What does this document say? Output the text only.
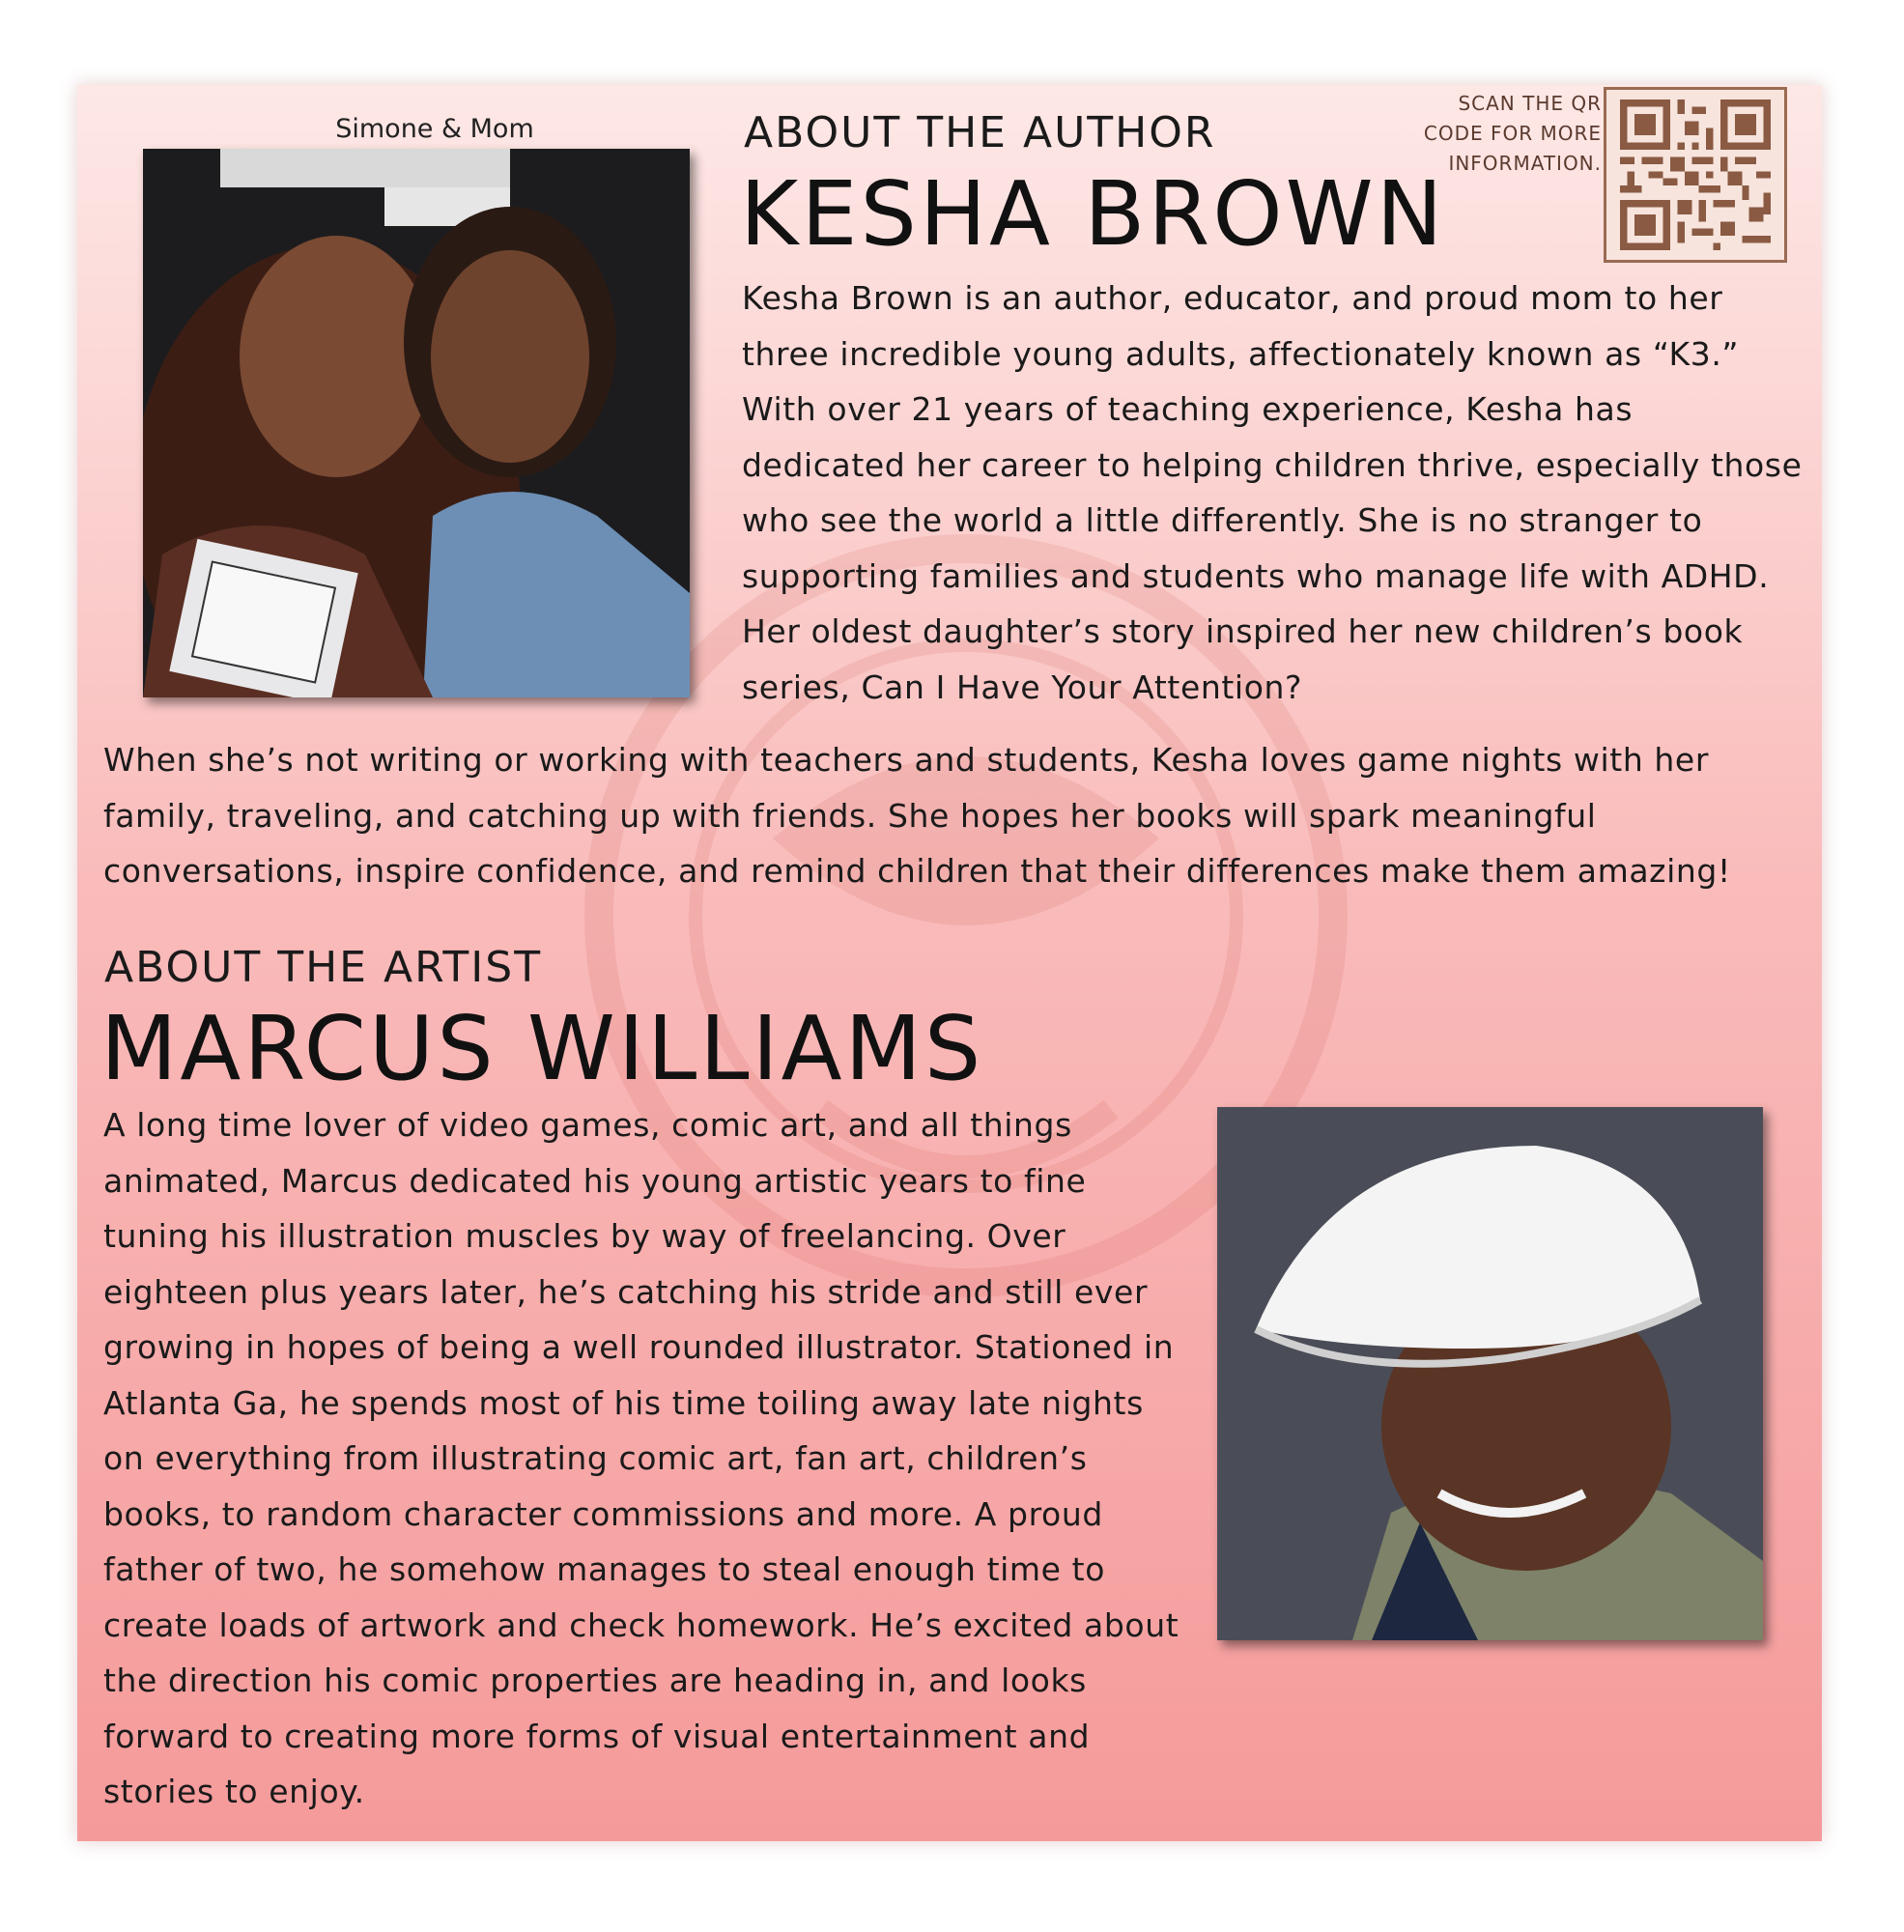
Simone & Mom	ABOUT THE AUTHOR
KESHA BROWN
SCAN THE QR CODE FOR MORE INFORMATION.
Kesha Brown is an author, educator, and proud mom to her three incredible young adults, affectionately known as “K3.” With over 21 years of teaching experience, Kesha has dedicated her career to helping children thrive, especially those who see the world a little differently. She is no stranger to supporting families and students who manage life with ADHD. Her oldest daughter’s story inspired her new children’s book series, Can I Have Your Attention?
When she’s not writing or working with teachers and students, Kesha loves game nights with her family, traveling, and catching up with friends. She hopes her books will spark meaningful conversations, inspire confidence, and remind children that their differences make them amazing!
ABOUT THE ARTIST
MARCUS WILLIAMS
A long time lover of video games, comic art, and all things animated, Marcus dedicated his young artistic years to fine tuning his illustration muscles by way of freelancing. Over eighteen plus years later, he’s catching his stride and still ever growing in hopes of being a well rounded illustrator. Stationed in Atlanta Ga, he spends most of his time toiling away late nights on everything from illustrating comic art, fan art, children’s books, to random character commissions and more. A proud father of two, he somehow manages to steal enough time to create loads of artwork and check homework. He’s excited about the direction his comic properties are heading in, and looks forward to creating more forms of visual entertainment and stories to enjoy.
